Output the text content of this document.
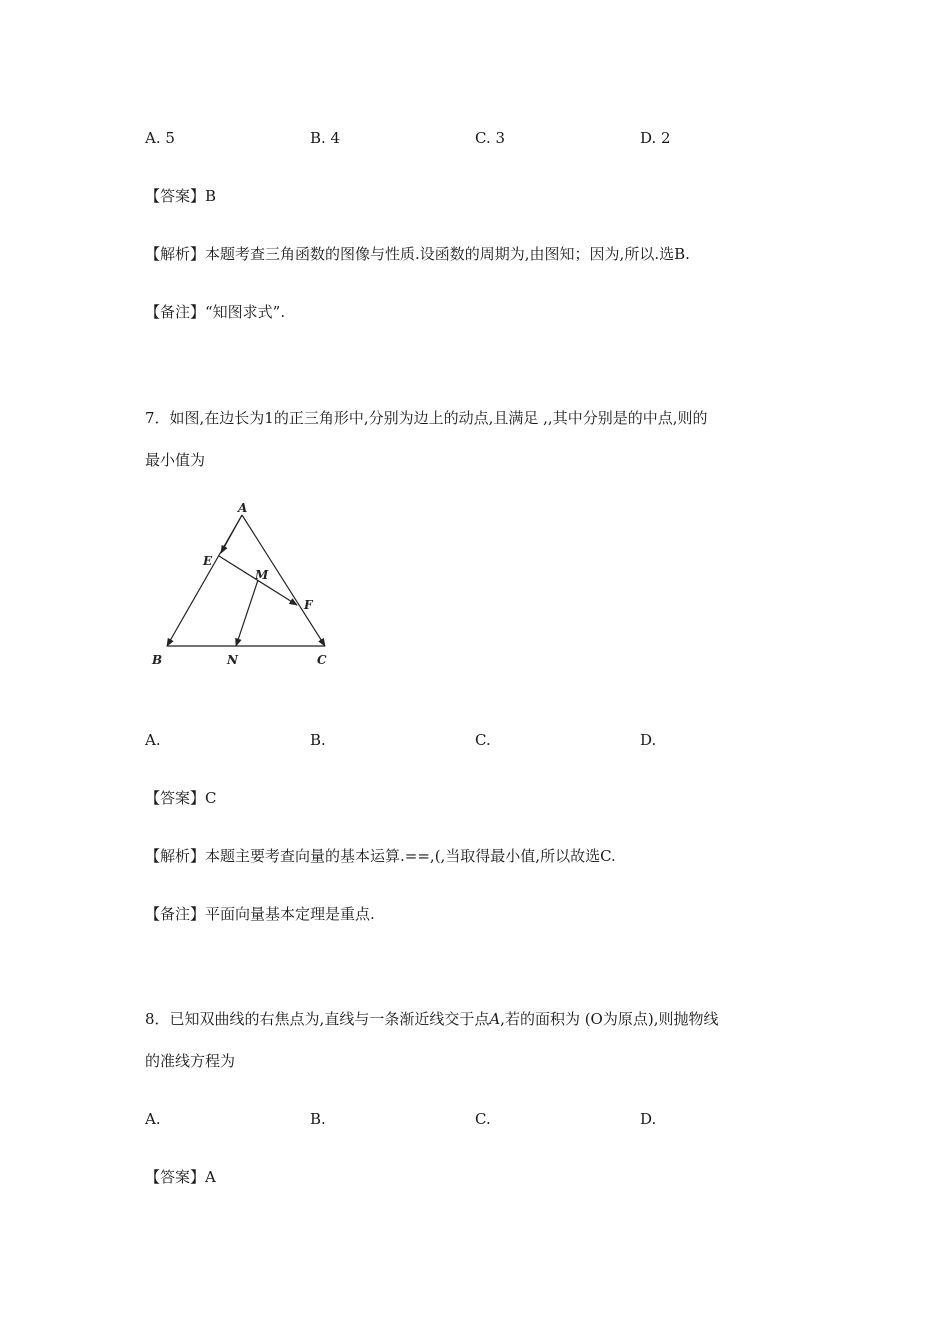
A. 5	B. 4	C. 3	D. 2
【答案】B
【解析】本题考查三角函数的图像与性质.设函数的周期为,由图知；因为,所以.选B.
【备注】“知图求式”.
7．如图,在边长为1的正三角形中,分别为边上的动点,且满足 ,,其中分别是的中点,则的
最小值为
A
E
M
F
B	N	C
A.	B.	C.	D.
【答案】C
【解析】本题主要考查向量的基本运算.==,(,当取得最小值,所以故选C.
【备注】平面向量基本定理是重点.
8．已知双曲线的右焦点为,直线与一条渐近线交于点A,若的面积为 (O为原点),则抛物线
的准线方程为
A.	B.	C.	D.
【答案】A
